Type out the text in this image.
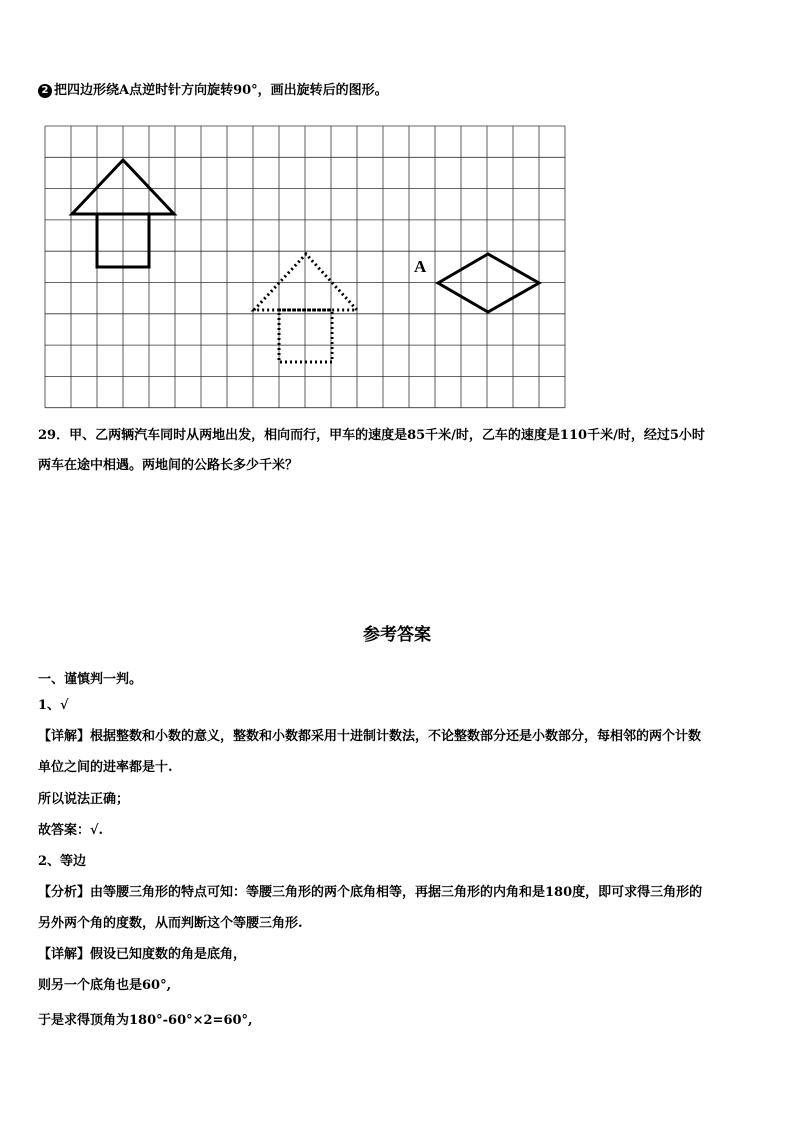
2 把四边形绕A点逆时针方向旋转90°，画出旋转后的图形。
A
29．甲、乙两辆汽车同时从两地出发，相向而行，甲车的速度是85千米/时，乙车的速度是110千米/时，经过5小时
两车在途中相遇。两地间的公路长多少千米？
参考答案
一、谨慎判一判。
1、√
【详解】根据整数和小数的意义，整数和小数都采用十进制计数法，不论整数部分还是小数部分，每相邻的两个计数
单位之间的进率都是十.
所以说法正确；
故答案：√.
2、等边
【分析】由等腰三角形的特点可知：等腰三角形的两个底角相等，再据三角形的内角和是180度，即可求得三角形的
另外两个角的度数，从而判断这个等腰三角形.
【详解】假设已知度数的角是底角，
则另一个底角也是60°,
于是求得顶角为180°-60°×2=60°,
